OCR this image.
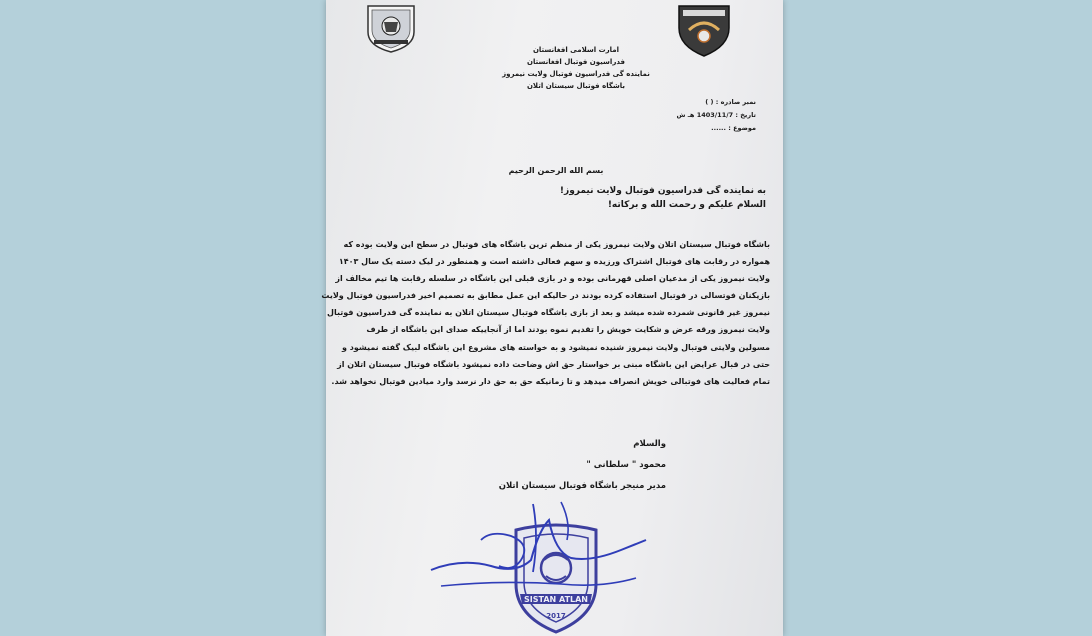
امارت اسلامی افغانستان
فدراسیون فوتبال افغانستان
نماینده گی فدراسیون فوتبال ولایت نیمروز
باشگاه فوتبال سیستان اتلان
نمبر صادره : ( )
تاریخ : 1403/11/7 هـ ش
موضوع : ......
بسم الله الرحمن الرحیم
به نماینده گی فدراسیون فوتبال ولایت نیمروز!
السلام علیکم و رحمت الله و برکاته!
باشگاه فوتبال سیستان اتلان ولایت نیمروز یکی از منظم ترین باشگاه های فوتبال در سطح این ولایت بوده که
همواره در رقابت های فوتبال اشتراک ورزیده و سهم فعالی داشته است و همنطور در لیک دسته یک سال ۱۴۰۳
ولایت نیمروز یکی از مدعیان اصلی قهرمانی بوده و در بازی قبلی این باشگاه در سلسله رقابت ها تیم مخالف از
بازیکنان فوتسالی در فوتبال استفاده کرده بودند در حالیکه این عمل مطابق به تصمیم اخیر فدراسیون فوتبال ولایت
نیمروز غیر قانونی شمرده شده میشد و بعد از بازی باشگاه فوتبال سیستان اتلان به نماینده گی فدراسیون فوتبال
ولایت نیمروز ورقه عرض و شکایت خویش را تقدیم نموه بودند اما از آنجاییکه صدای این باشگاه از طرف
مسولین ولایتی فوتبال ولایت نیمروز شنیده نمیشود و به خواسته های مشروع این باشگاه لبیک گفته نمیشود و
حتی در قبال عرایض این باشگاه مبنی بر خواستار حق اش وضاحت داده نمیشود باشگاه فوتبال سیستان اتلان از
تمام فعالیت های فوتبالی خویش انصراف میدهد و تا زمانیکه حق به حق دار نرسد وارد میادین فوتبال نخواهد شد.
والسلام
محمود " سلطانی "
مدیر منیجر باشگاه فوتبال سیستان اتلان
SISTAN ATLAN
2017
